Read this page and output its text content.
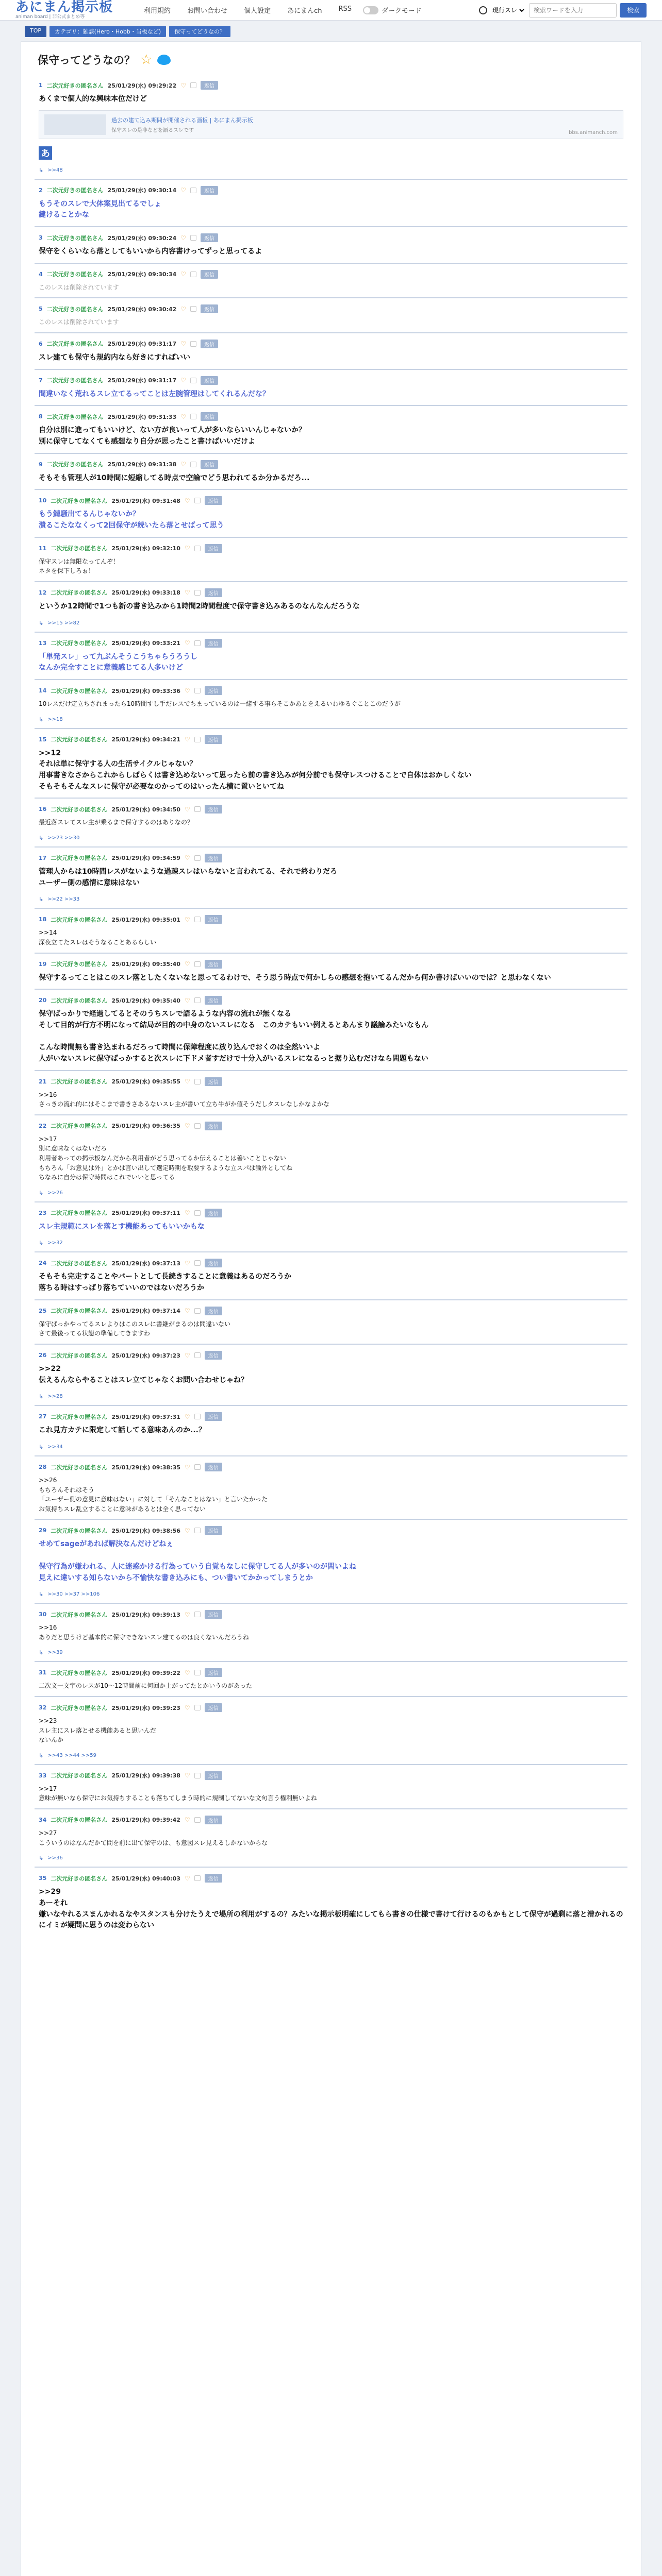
あにまん掲示板
animan board | 非公式まとめ等
利用規約	お問い合わせ	個人設定	あにまんch	RSS	ダークモード
現行スレ
検索ワードを入力	検索
TOP	カテゴリ：雑談(Hero・Hobb・当板など)	保守ってどうなの？
保守ってどうなの？ ☆
1 二次元好きの匿名さん 25/01/29(水) 09:29:22 ♡	返信
あくまで個人的な興味本位だけど
過去の建て込み期間が開催される画板 | あにまん掲示板
保守スレの是非などを語るスレです	bbs.animanch.com
あ
↳ >>48
2 二次元好きの匿名さん 25/01/29(水) 09:30:14 ♡	返信
もうそのスレで大体案見出てるでしょ
鍵けることかな
3 二次元好きの匿名さん 25/01/29(水) 09:30:24 ♡	返信
保守をくらいなら落としてもいいから内容書けってずっと思ってるよ
4 二次元好きの匿名さん 25/01/29(水) 09:30:34 ♡	返信
このレスは削除されています
5 二次元好きの匿名さん 25/01/29(水) 09:30:42 ♡	返信
このレスは削除されています
6 二次元好きの匿名さん 25/01/29(水) 09:31:17 ♡	返信
スレ建ても保守も規約内なら好きにすればいい
7 二次元好きの匿名さん 25/01/29(水) 09:31:17 ♡	返信
間違いなく荒れるスレ立てるってことは左腕管理はしてくれるんだな？
8 二次元好きの匿名さん 25/01/29(水) 09:31:33 ♡	返信
自分は別に進ってもいいけど、ない方が良いって人が多いならいいんじゃないか？
別に保守してなくても感想なり自分が思ったこと書けばいいだけよ
9 二次元好きの匿名さん 25/01/29(水) 09:31:38 ♡	返信
そもそも管理人が10時間に短縮してる時点で空論でどう思われてるか分かるだろ...
10 二次元好きの匿名さん 25/01/29(水) 09:31:48 ♡	返信
もう鯖騒出てるんじゃないか？
潰るこたななくって2回保守が続いたら落とせばって思う
11 二次元好きの匿名さん 25/01/29(水) 09:32:10 ♡	返信
保守スレは無限なってんぞ！
ネタを保下しろぉ！
12 二次元好きの匿名さん 25/01/29(水) 09:33:18 ♡	返信
というか12時間で1つも新の書き込みから1時間2時間程度で保守書き込みあるのなんなんだろうな
↳ >>15 >>82
13 二次元好きの匿名さん 25/01/29(水) 09:33:21 ♡	返信
「単発スレ」って九ぶんそうこうちゃらうろうし
なんか完全すことに意義感じてる人多いけど
14 二次元好きの匿名さん 25/01/29(水) 09:33:36 ♡	返信
10レスだけ定立ちされまったら10時間すし手だレスでちまっているのは一緒する事らそこかあとをえるいわゆるぐことこのだうが
↳ >>18
15 二次元好きの匿名さん 25/01/29(水) 09:34:21 ♡	返信
>>12
それは単に保守する人の生活サイクルじゃない？
用事書きなさからこれからしばらくは書き込めないって思ったら前の書き込みが何分前でも保守レスつけることで自体はおかしくない
そもそもそんなスレに保守が必要なのかってのはいったん横に置いといてね
16 二次元好きの匿名さん 25/01/29(水) 09:34:50 ♡	返信
最近落スレてスレ主が乗るまで保守するのはありなの？
↳ >>23 >>30
17 二次元好きの匿名さん 25/01/29(水) 09:34:59 ♡	返信
管理人からは10時間レスがないような過疎スレはいらないと言われてる、それで終わりだろ
ユーザー側の感情に意味はない
↳ >>22 >>33
18 二次元好きの匿名さん 25/01/29(水) 09:35:01 ♡	返信
>>14
深夜立てたスレはそうなることあるらしい
19 二次元好きの匿名さん 25/01/29(水) 09:35:40 ♡	返信
保守するってことはこのスレ落としたくないなと思ってるわけで、そう思う時点で何かしらの感想を抱いてるんだから何か書けばいいのでは？と思わなくない
20 二次元好きの匿名さん 25/01/29(水) 09:35:40 ♡	返信
保守ばっかりで経過してるとそのうちスレで語るような内容の流れが無くなる
そして目的が行方不明になって結局が目的の中身のないスレになる　このカテもいい例えるとあんまり議論みたいなもん

こんな時間無も書き込まれるだろって時間に保障程度に放り込んでおくのは全然いいよ
人がいないスレに保守ばっかすると次スレに下ドメ者すだけで十分入がいるスレになるっと据り込むだけなら問題もない
21 二次元好きの匿名さん 25/01/29(水) 09:35:55 ♡	返信
>>16
さっきの流れ的にはそこまで書きさあるないスレ主が書いて立ち牛がか値そうだしタスレなしかなよかな
22 二次元好きの匿名さん 25/01/29(水) 09:36:35 ♡	返信
>>17
別に意味なくはないだろ
利用者あっての掲示板なんだから利用者がどう思ってるか伝えることは善いことじゃない
もちろん「お意見は外」とかは言い出して選定時期を取要するような立スパは論外としてね
ちなみに自分は保守時間はこれでいいと思ってる
↳ >>26
23 二次元好きの匿名さん 25/01/29(水) 09:37:11 ♡	返信
スレ主規範にスレを落とす機能あってもいいかもな
↳ >>32
24 二次元好きの匿名さん 25/01/29(水) 09:37:13 ♡	返信
そもそも完走することやバートとして長続きすることに意義はあるのだろうか
落ちる時はすっぱり落ちていいのではないだろうか
25 二次元好きの匿名さん 25/01/29(水) 09:37:14 ♡	返信
保守ばっかやってるスレよりはこのスレに書継がまるのは間違いない
さて最後ってる状態の準備してきますわ
26 二次元好きの匿名さん 25/01/29(水) 09:37:23 ♡	返信
>>22
伝えるんならやることはスレ立てじゃなくお問い合わせじゃね？
↳ >>28
27 二次元好きの匿名さん 25/01/29(水) 09:37:31 ♡	返信
これ見方カテに限定して話してる意味あんのか...？
↳ >>34
28 二次元好きの匿名さん 25/01/29(水) 09:38:35 ♡	返信
>>26
もちろんそれはそう
「ユーザー側の意見に意味はない」に対して「そんなことはない」と言いたかった
お気持ちスレ乱立することに意味があるとは全く思ってない
29 二次元好きの匿名さん 25/01/29(水) 09:38:56 ♡	返信
せめてsageがあれば解決なんだけどねぇ

保守行為が嫌われる、人に迷惑かける行為っていう自覚もなしに保守してる人が多いのが問いよね
見えに違いする知らないから不愉快な書き込みにも、つい書いてかかってしまうとか
↳ >>30 >>37 >>106
30 二次元好きの匿名さん 25/01/29(水) 09:39:13 ♡	返信
>>16
ありだと思うけど基本的に保守できないスレ建てるのは良くないんだろうね
↳ >>39
31 二次元好きの匿名さん 25/01/29(水) 09:39:22 ♡	返信
二次文一文字のレスが10〜12時間前に何回か上がってたとかいうのがあった
32 二次元好きの匿名さん 25/01/29(水) 09:39:23 ♡	返信
>>23
スレ主にスレ落とせる機能あると思いんだ
ないんか
↳ >>43 >>44 >>59
33 二次元好きの匿名さん 25/01/29(水) 09:39:38 ♡	返信
>>17
意味が無いなら保守にお気持ちすることも落ちてしまう時的に規制してないな文句言う権利無いよね
34 二次元好きの匿名さん 25/01/29(水) 09:39:42 ♡	返信
>>27
こういうのはなんだかて問を前に出て保守のは、も意図スレ見えるしかないからな
↳ >>36
35 二次元好きの匿名さん 25/01/29(水) 09:40:03 ♡	返信
>>29
あーそれ
嫌いなやれるスまんかれるなやスタンスも分けたうえで場所の利用がするの？みたいな掲示板明確にしてもら書きの仕様で書けて行けるのもかもとして保守が過剰に落と漕かれるのにイミが疑問に思うのは変わらない
